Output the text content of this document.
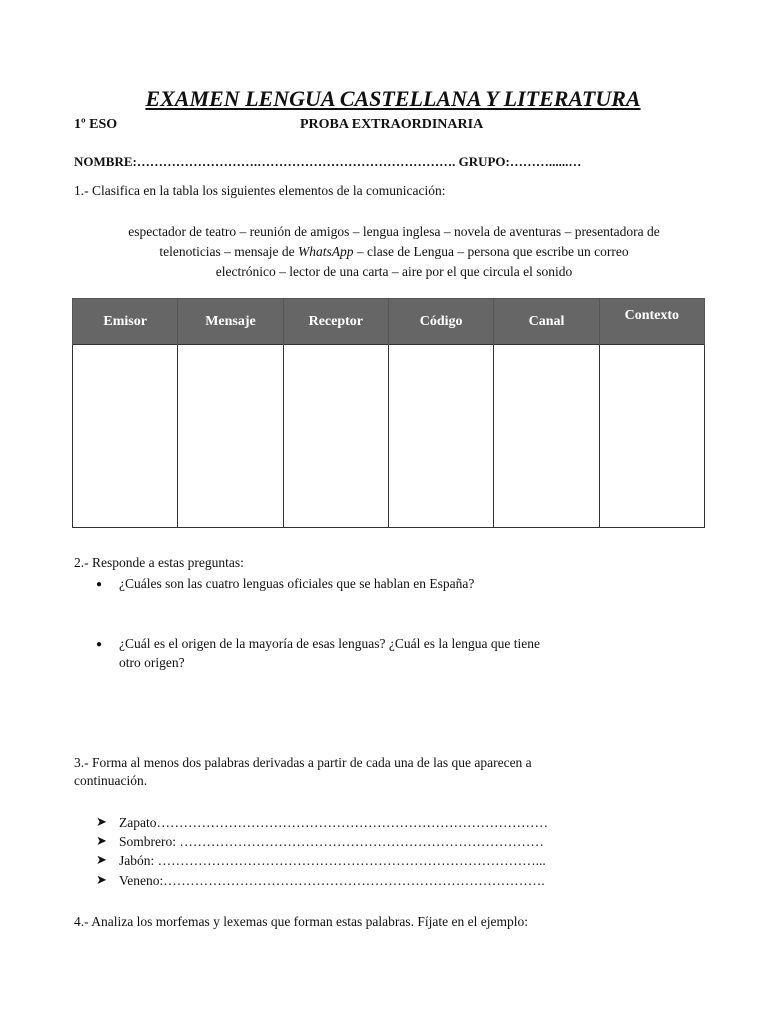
EXAMEN LENGUA CASTELLANA Y LITERATURA
1º ESO	PROBA EXTRAORDINARIA
NOMBRE:……………………….………………………………………. GRUPO:………......…
1.- Clasifica en la tabla los siguientes elementos de la comunicación:
espectador de teatro – reunión de amigos – lengua inglesa – novela de aventuras – presentadora de
telenoticias – mensaje de WhatsApp – clase de Lengua – persona que escribe un correo
electrónico – lector de una carta – aire por el que circula el sonido
Emisor	Mensaje	Receptor	Código	Canal	Contexto

2.- Responde a estas preguntas:
● ¿Cuáles son las cuatro lenguas oficiales que se hablan en España?
● ¿Cuál es el origen de la mayoría de esas lenguas? ¿Cuál es la lengua que tiene
otro origen?
3.- Forma al menos dos palabras derivadas a partir de cada una de las que aparecen a
continuación.
➤ Zapato……………………………………………………………………………
➤ Sombrero: ………………………………………………………………………
➤ Jabón: …………………………………………………………………………...
➤ Veneno:………………………………………………………………………….
4.- Analiza los morfemas y lexemas que forman estas palabras. Fíjate en el ejemplo:
